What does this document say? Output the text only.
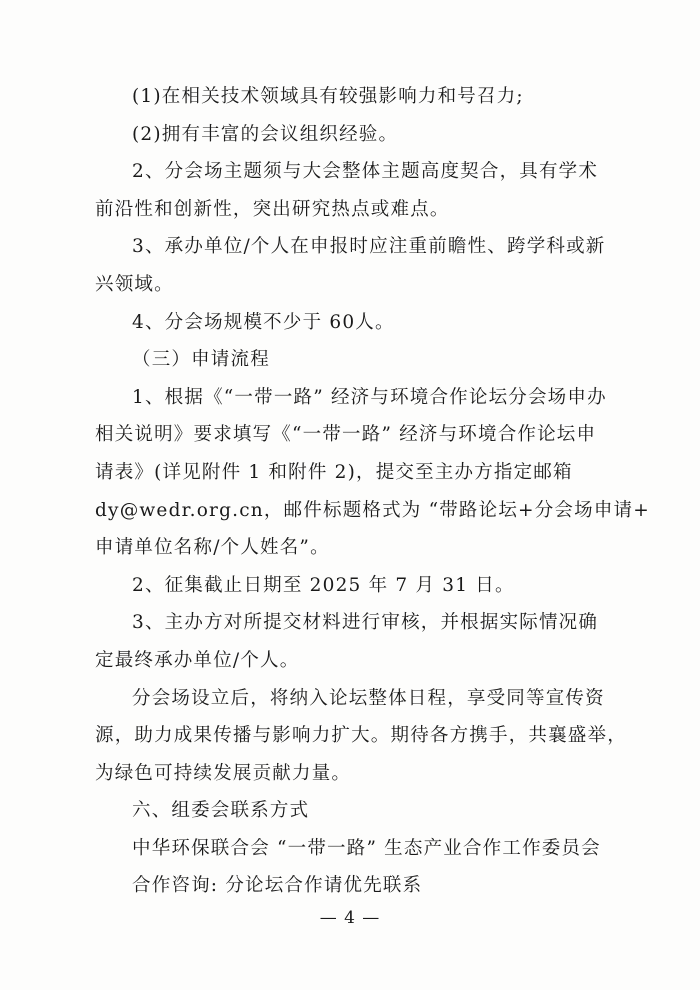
(1)在相关技术领域具有较强影响力和号召力;
(2)拥有丰富的会议组织经验。
2、分会场主题须与大会整体主题高度契合，具有学术
前沿性和创新性，突出研究热点或难点。
3、承办单位/个人在申报时应注重前瞻性、跨学科或新
兴领域。
4、分会场规模不少于 60人。
（三）申请流程
1、根据《“一带一路” 经济与环境合作论坛分会场申办
相关说明》要求填写《“一带一路” 经济与环境合作论坛申
请表》(详见附件 1 和附件 2)，提交至主办方指定邮箱
dy@wedr.org.cn，邮件标题格式为 “带路论坛+分会场申请+
申请单位名称/个人姓名”。
2、征集截止日期至 2025 年 7 月 31 日。
3、主办方对所提交材料进行审核，并根据实际情况确
定最终承办单位/个人。
分会场设立后，将纳入论坛整体日程，享受同等宣传资
源，助力成果传播与影响力扩大。期待各方携手，共襄盛举，
为绿色可持续发展贡献力量。
六、组委会联系方式
中华环保联合会 “一带一路” 生态产业合作工作委员会
合作咨询: 分论坛合作请优先联系
— 4 —
